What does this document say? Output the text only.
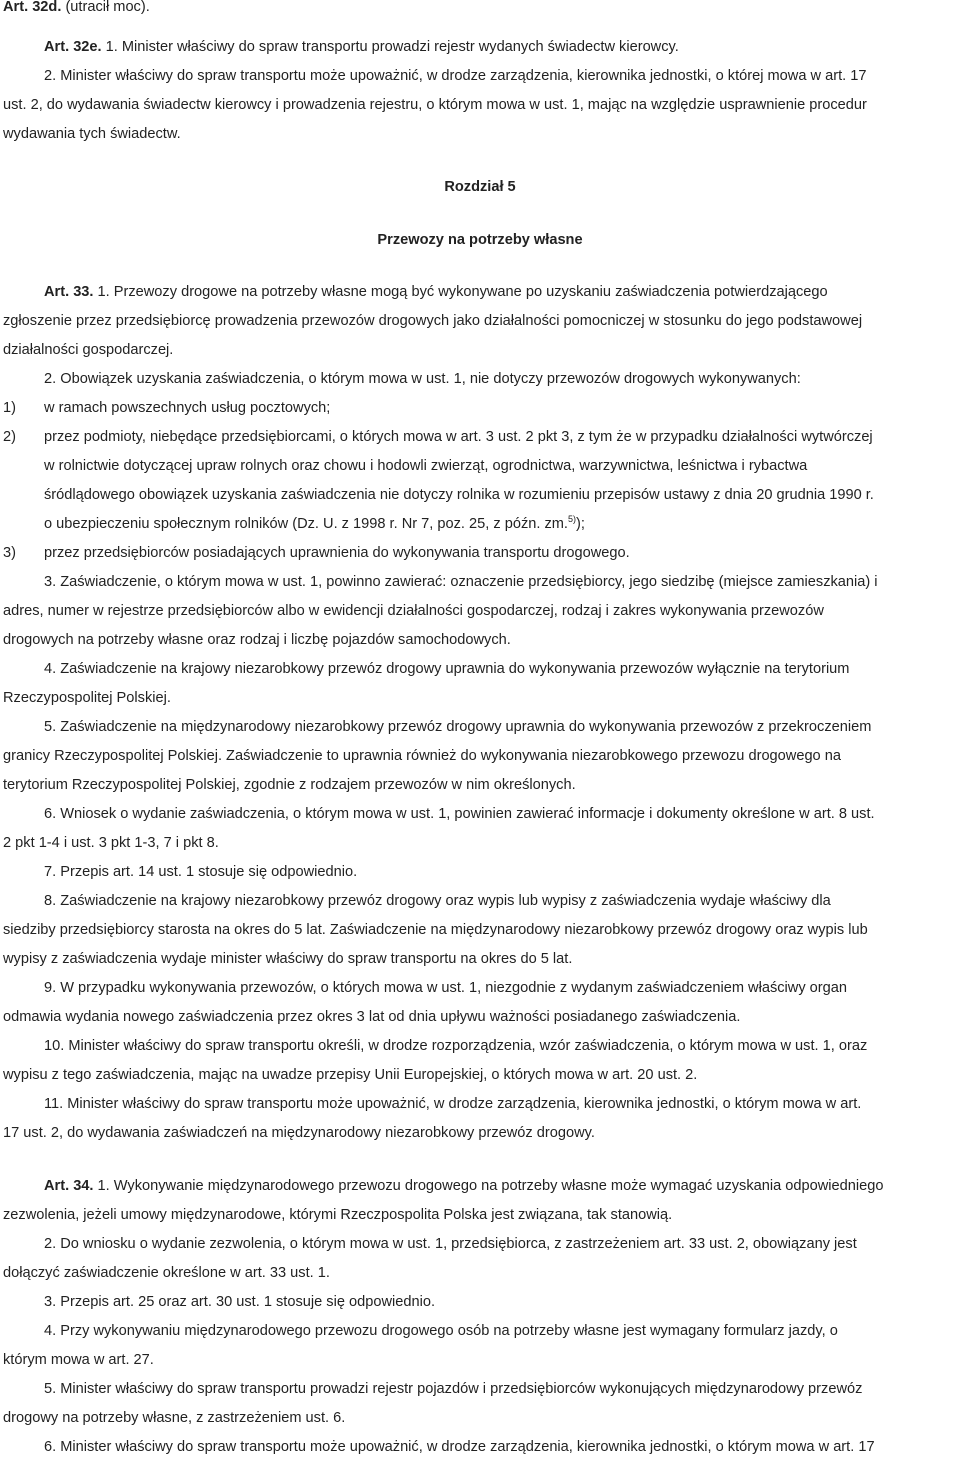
Art. 32d. (utracił moc).
Art. 32e. 1. Minister właściwy do spraw transportu prowadzi rejestr wydanych świadectw kierowcy.
2. Minister właściwy do spraw transportu może upoważnić, w drodze zarządzenia, kierownika jednostki, o której mowa w art. 17
ust. 2, do wydawania świadectw kierowcy i prowadzenia rejestru, o którym mowa w ust. 1, mając na względzie usprawnienie procedur
wydawania tych świadectw.
Rozdział 5
Przewozy na potrzeby własne
Art. 33. 1. Przewozy drogowe na potrzeby własne mogą być wykonywane po uzyskaniu zaświadczenia potwierdzającego
zgłoszenie przez przedsiębiorcę prowadzenia przewozów drogowych jako działalności pomocniczej w stosunku do jego podstawowej
działalności gospodarczej.
2. Obowiązek uzyskania zaświadczenia, o którym mowa w ust. 1, nie dotyczy przewozów drogowych wykonywanych:
1) w ramach powszechnych usług pocztowych;
2) przez podmioty, niebędące przedsiębiorcami, o których mowa w art. 3 ust. 2 pkt 3, z tym że w przypadku działalności wytwórczej
w rolnictwie dotyczącej upraw rolnych oraz chowu i hodowli zwierząt, ogrodnictwa, warzywnictwa, leśnictwa i rybactwa
śródlądowego obowiązek uzyskania zaświadczenia nie dotyczy rolnika w rozumieniu przepisów ustawy z dnia 20 grudnia 1990 r.
o ubezpieczeniu społecznym rolników (Dz. U. z 1998 r. Nr 7, poz. 25, z późn. zm.$^{5)}$);
3) przez przedsiębiorców posiadających uprawnienia do wykonywania transportu drogowego.
3. Zaświadczenie, o którym mowa w ust. 1, powinno zawierać: oznaczenie przedsiębiorcy, jego siedzibę (miejsce zamieszkania) i
adres, numer w rejestrze przedsiębiorców albo w ewidencji działalności gospodarczej, rodzaj i zakres wykonywania przewozów
drogowych na potrzeby własne oraz rodzaj i liczbę pojazdów samochodowych.
4. Zaświadczenie na krajowy niezarobkowy przewóz drogowy uprawnia do wykonywania przewozów wyłącznie na terytorium
Rzeczypospolitej Polskiej.
5. Zaświadczenie na międzynarodowy niezarobkowy przewóz drogowy uprawnia do wykonywania przewozów z przekroczeniem
granicy Rzeczypospolitej Polskiej. Zaświadczenie to uprawnia również do wykonywania niezarobkowego przewozu drogowego na
terytorium Rzeczypospolitej Polskiej, zgodnie z rodzajem przewozów w nim określonych.
6. Wniosek o wydanie zaświadczenia, o którym mowa w ust. 1, powinien zawierać informacje i dokumenty określone w art. 8 ust.
2 pkt 1-4 i ust. 3 pkt 1-3, 7 i pkt 8.
7. Przepis art. 14 ust. 1 stosuje się odpowiednio.
8. Zaświadczenie na krajowy niezarobkowy przewóz drogowy oraz wypis lub wypisy z zaświadczenia wydaje właściwy dla
siedziby przedsiębiorcy starosta na okres do 5 lat. Zaświadczenie na międzynarodowy niezarobkowy przewóz drogowy oraz wypis lub
wypisy z zaświadczenia wydaje minister właściwy do spraw transportu na okres do 5 lat.
9. W przypadku wykonywania przewozów, o których mowa w ust. 1, niezgodnie z wydanym zaświadczeniem właściwy organ
odmawia wydania nowego zaświadczenia przez okres 3 lat od dnia upływu ważności posiadanego zaświadczenia.
10. Minister właściwy do spraw transportu określi, w drodze rozporządzenia, wzór zaświadczenia, o którym mowa w ust. 1, oraz
wypisu z tego zaświadczenia, mając na uwadze przepisy Unii Europejskiej, o których mowa w art. 20 ust. 2.
11. Minister właściwy do spraw transportu może upoważnić, w drodze zarządzenia, kierownika jednostki, o którym mowa w art.
17 ust. 2, do wydawania zaświadczeń na międzynarodowy niezarobkowy przewóz drogowy.
Art. 34. 1. Wykonywanie międzynarodowego przewozu drogowego na potrzeby własne może wymagać uzyskania odpowiedniego
zezwolenia, jeżeli umowy międzynarodowe, którymi Rzeczpospolita Polska jest związana, tak stanowią.
2. Do wniosku o wydanie zezwolenia, o którym mowa w ust. 1, przedsiębiorca, z zastrzeżeniem art. 33 ust. 2, obowiązany jest
dołączyć zaświadczenie określone w art. 33 ust. 1.
3. Przepis art. 25 oraz art. 30 ust. 1 stosuje się odpowiednio.
4. Przy wykonywaniu międzynarodowego przewozu drogowego osób na potrzeby własne jest wymagany formularz jazdy, o
którym mowa w art. 27.
5. Minister właściwy do spraw transportu prowadzi rejestr pojazdów i przedsiębiorców wykonujących międzynarodowy przewóz
drogowy na potrzeby własne, z zastrzeżeniem ust. 6.
6. Minister właściwy do spraw transportu może upoważnić, w drodze zarządzenia, kierownika jednostki, o którym mowa w art. 17
